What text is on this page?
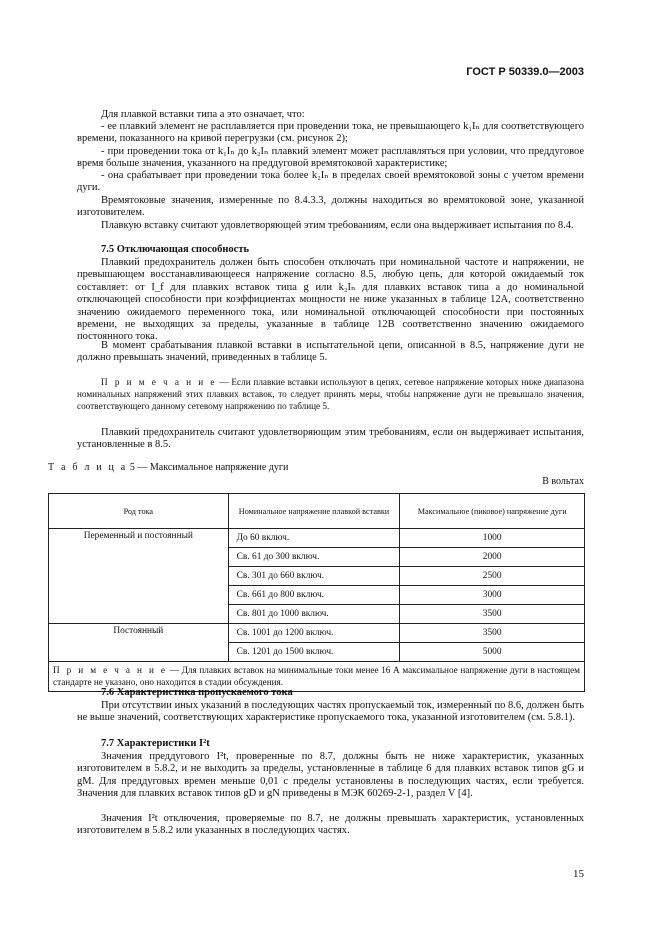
ГОСТ Р 50339.0—2003
Для плавкой вставки типа а это означает, что:
- ее плавкий элемент не расплавляется при проведении тока, не превышающего k₁Iₙ для соответствующего времени, показанного на кривой перегрузки (см. рисунок 2);
- при проведении тока от k₁Iₙ до k₂Iₙ плавкий элемент может расплавляться при условии, что преддуговое время больше значения, указанного на преддуговой времятоковой характеристике;
- она срабатывает при проведении тока более k₂Iₙ в пределах своей времятоковой зоны с учетом времени дуги.
Времятоковые значения, измеренные по 8.4.3.3, должны находиться во времятоковой зоне, указанной изготовителем.
Плавкую вставку считают удовлетворяющей этим требованиям, если она выдерживает испытания по 8.4.
7.5 Отключающая способность
Плавкий предохранитель должен быть способен отключать при номинальной частоте и напряжении, не превышающем восстанавливающееся напряжение согласно 8.5, любую цепь, для которой ожидаемый ток составляет: от I_f для плавких вставок типа g или k₂Iₙ для плавких вставок типа а до номинальной отключающей способности при коэффициентах мощности не ниже указанных в таблице 12А, соответственно значению ожидаемого переменного тока, или номинальной отключающей способности при постоянных времени, не выходящих за пределы, указанные в таблице 12В соответственно значению ожидаемого постоянного тока.
В момент срабатывания плавкой вставки в испытательной цепи, описанной в 8.5, напряжение дуги не должно превышать значений, приведенных в таблице 5.
П р и м е ч а н и е — Если плавкие вставки используют в цепях, сетевое напряжение которых ниже диапазона номинальных напряжений этих плавких вставок, то следует принять меры, чтобы напряжение дуги не превышало значения, соответствующего данному сетевому напряжению по таблице 5.
Плавкий предохранитель считают удовлетворяющим этим требованиям, если он выдерживает испытания, установленные в 8.5.
Т а б л и ц а 5 — Максимальное напряжение дуги
В вольтах
Род тока	Номинальное напряжение плавкой вставки	Максимальное (пиковое) напряжение дуги
Переменный и постоянный	До 60 включ.	1000
	Св. 61 до 300 включ.	2000
	Св. 301 до 660 включ.	2500
	Св. 661 до 800 включ.	3000
	Св. 801 до 1000 включ.	3500
Постоянный	Св. 1001 до 1200 включ.	3500
	Св. 1201 до 1500 включ.	5000
П р и м е ч а н и е — Для плавких вставок на минимальные токи менее 16 А максимальное напряжение дуги в настоящем стандарте не указано, оно находится в стадии обсуждения.		
7.6 Характеристика пропускаемого тока
При отсутствии иных указаний в последующих частях пропускаемый ток, измеренный по 8.6, должен быть не выше значений, соответствующих характеристике пропускаемого тока, указанной изготовителем (см. 5.8.1).
7.7 Характеристики I²t
Значения преддугового I²t, проверенные по 8.7, должны быть не ниже характеристик, указанных изготовителем в 5.8.2, и не выходить за пределы, установленные в таблице 6 для плавких вставок типов gG и gM. Для преддуговых времен меньше 0,01 с пределы установлены в последующих частях, если требуется. Значения для плавких вставок типов gD и gN приведены в МЭК 60269-2-1, раздел V [4].
Значения I²t отключения, проверяемые по 8.7, не должны превышать характеристик, установленных изготовителем в 5.8.2 или указанных в последующих частях.
15
